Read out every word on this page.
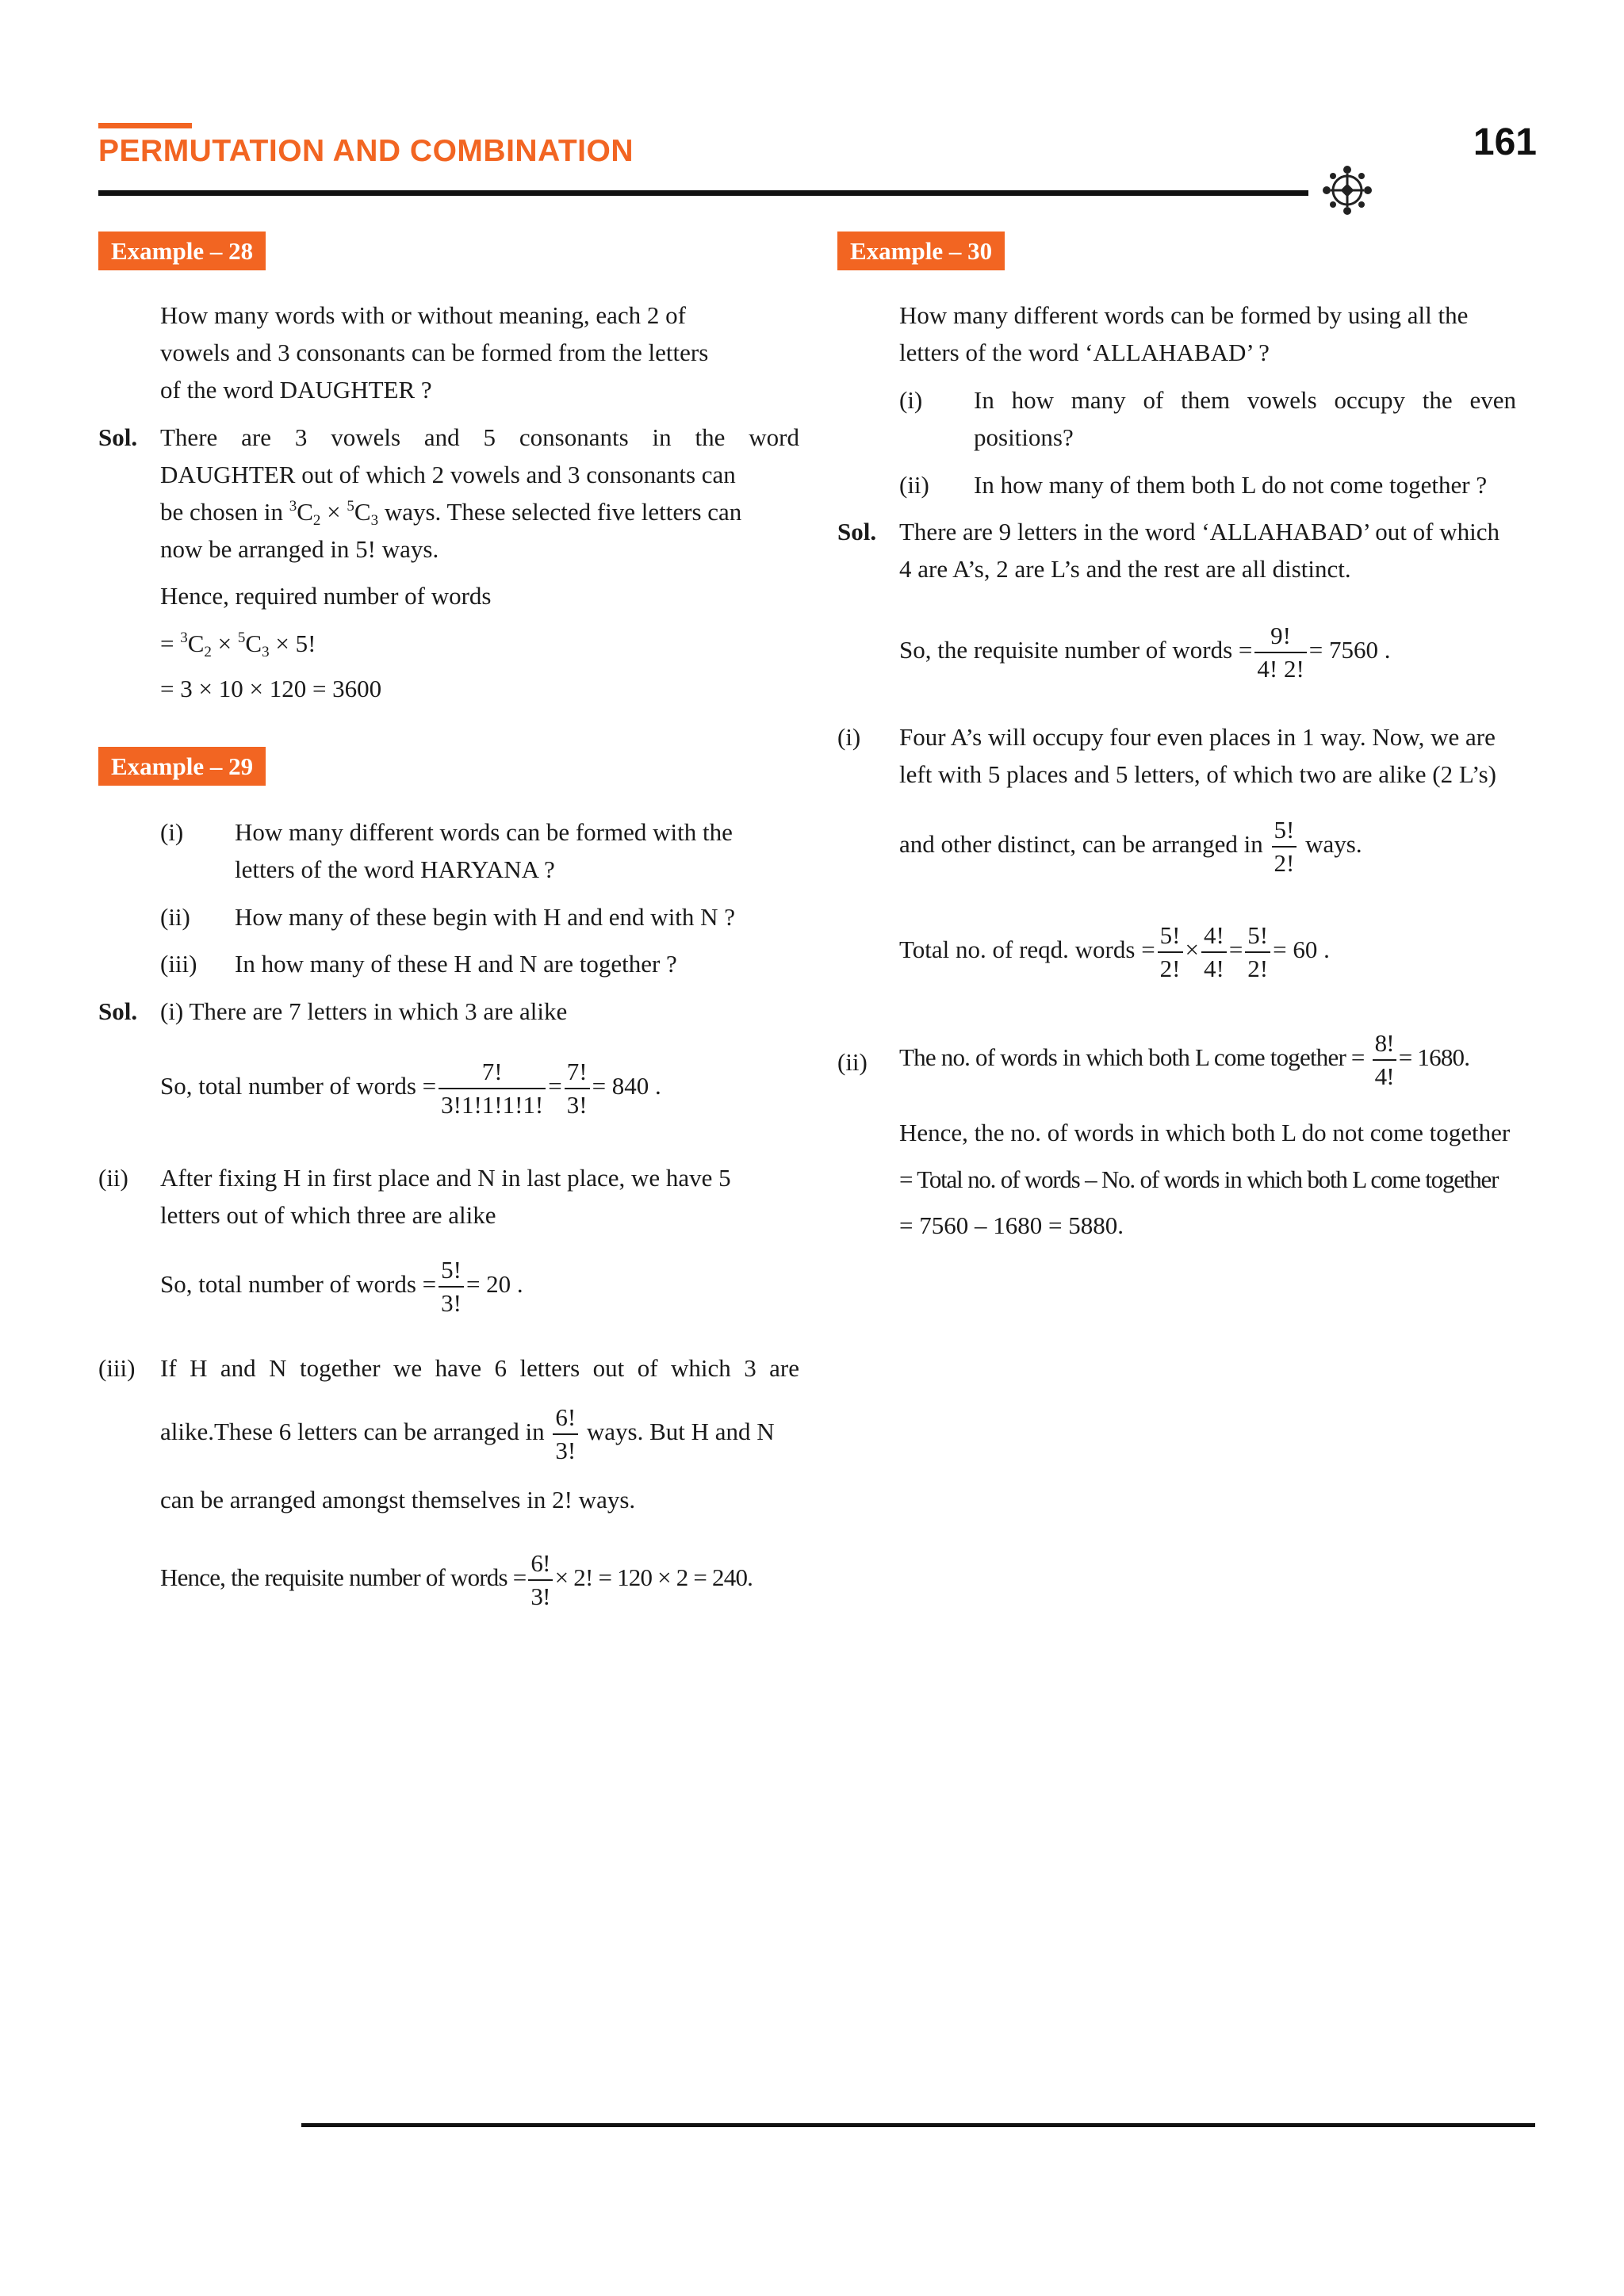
PERMUTATION AND COMBINATION	161
Example – 28
How many words with or without meaning, each 2 of
vowels and 3 consonants can be formed from the letters
of the word DAUGHTER ?
Sol. There are 3 vowels and 5 consonants in the word
DAUGHTER out of which 2 vowels and 3 consonants can
be chosen in $^3C_2 \times ^5C_3$ ways. These selected five letters can
now be arranged in 5! ways.
Hence, required number of words
= $^3C_2 \times ^5C_3 \times 5$!
= 3 × 10 × 120 = 3600
Example – 29
(i) How many different words can be formed with the
letters of the word HARYANA ?
(ii) How many of these begin with H and end with N ?
(iii) In how many of these H and N are together ?
Sol. (i) There are 7 letters in which 3 are alike
So, total number of words = $\frac{7!}{3!1!1!1!1!} = \frac{7!}{3!} = 840$ .
(ii) After fixing H in first place and N in last place, we have 5
letters out of which three are alike
So, total number of words = $\frac{5!}{3!} = 20$ .
(iii) If H and N together we have 6 letters out of which 3 are
alike.These 6 letters can be arranged in $\frac{6!}{3!}$ ways. But H and N
can be arranged amongst themselves in 2! ways.
Hence, the requisite number of words = $\frac{6!}{3!} \times 2$! = 120 × 2 = 240.
Example – 30
How many different words can be formed by using all the
letters of the word ‘ALLAHABAD’ ?
(i) In how many of them vowels occupy the even
positions?
(ii) In how many of them both L do not come together ?
Sol. There are 9 letters in the word ‘ALLAHABAD’ out of which
4 are A’s, 2 are L’s and the rest are all distinct.
So, the requisite number of words = $\frac{9!}{4! 2!} = 7560$ .
(i) Four A’s will occupy four even places in 1 way. Now, we are
left with 5 places and 5 letters, of which two are alike (2 L’s)
and other distinct, can be arranged in $\frac{5!}{2!}$ ways.
Total no. of reqd. words = $\frac{5!}{2!} \times \frac{4!}{4!} = \frac{5!}{2!} = 60$ .
(ii) The no. of words in which both L come together = $\frac{8!}{4!} = 1680$.
Hence, the no. of words in which both L do not come together
= Total no. of words – No. of words in which both L come together
= 7560 – 1680 = 5880.
